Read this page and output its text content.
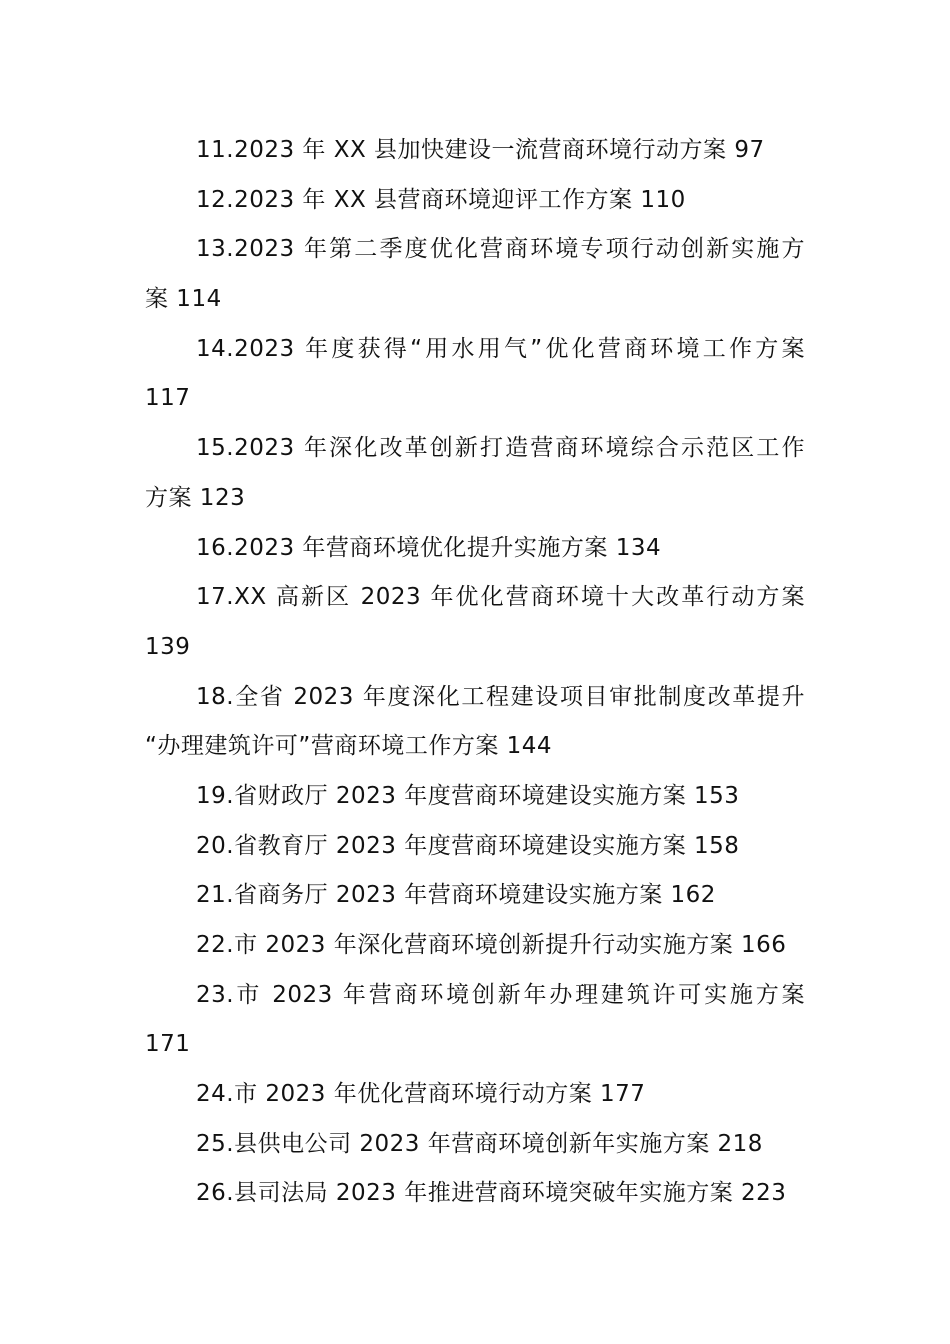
11.2023 年 XX 县加快建设一流营商环境行动方案 97
12.2023 年 XX 县营商环境迎评工作方案 110
13.2023 年第二季度优化营商环境专项行动创新实施方
案 114
14.2023 年度获得“用水用气”优化营商环境工作方案
117
15.2023 年深化改革创新打造营商环境综合示范区工作
方案 123
16.2023 年营商环境优化提升实施方案 134
17.XX 高新区 2023 年优化营商环境十大改革行动方案
139
18.全省 2023 年度深化工程建设项目审批制度改革提升
“办理建筑许可”营商环境工作方案 144
19.省财政厅 2023 年度营商环境建设实施方案 153
20.省教育厅 2023 年度营商环境建设实施方案 158
21.省商务厅 2023 年营商环境建设实施方案 162
22.市 2023 年深化营商环境创新提升行动实施方案 166
23.市 2023 年营商环境创新年办理建筑许可实施方案
171
24.市 2023 年优化营商环境行动方案 177
25.县供电公司 2023 年营商环境创新年实施方案 218
26.县司法局 2023 年推进营商环境突破年实施方案 223
